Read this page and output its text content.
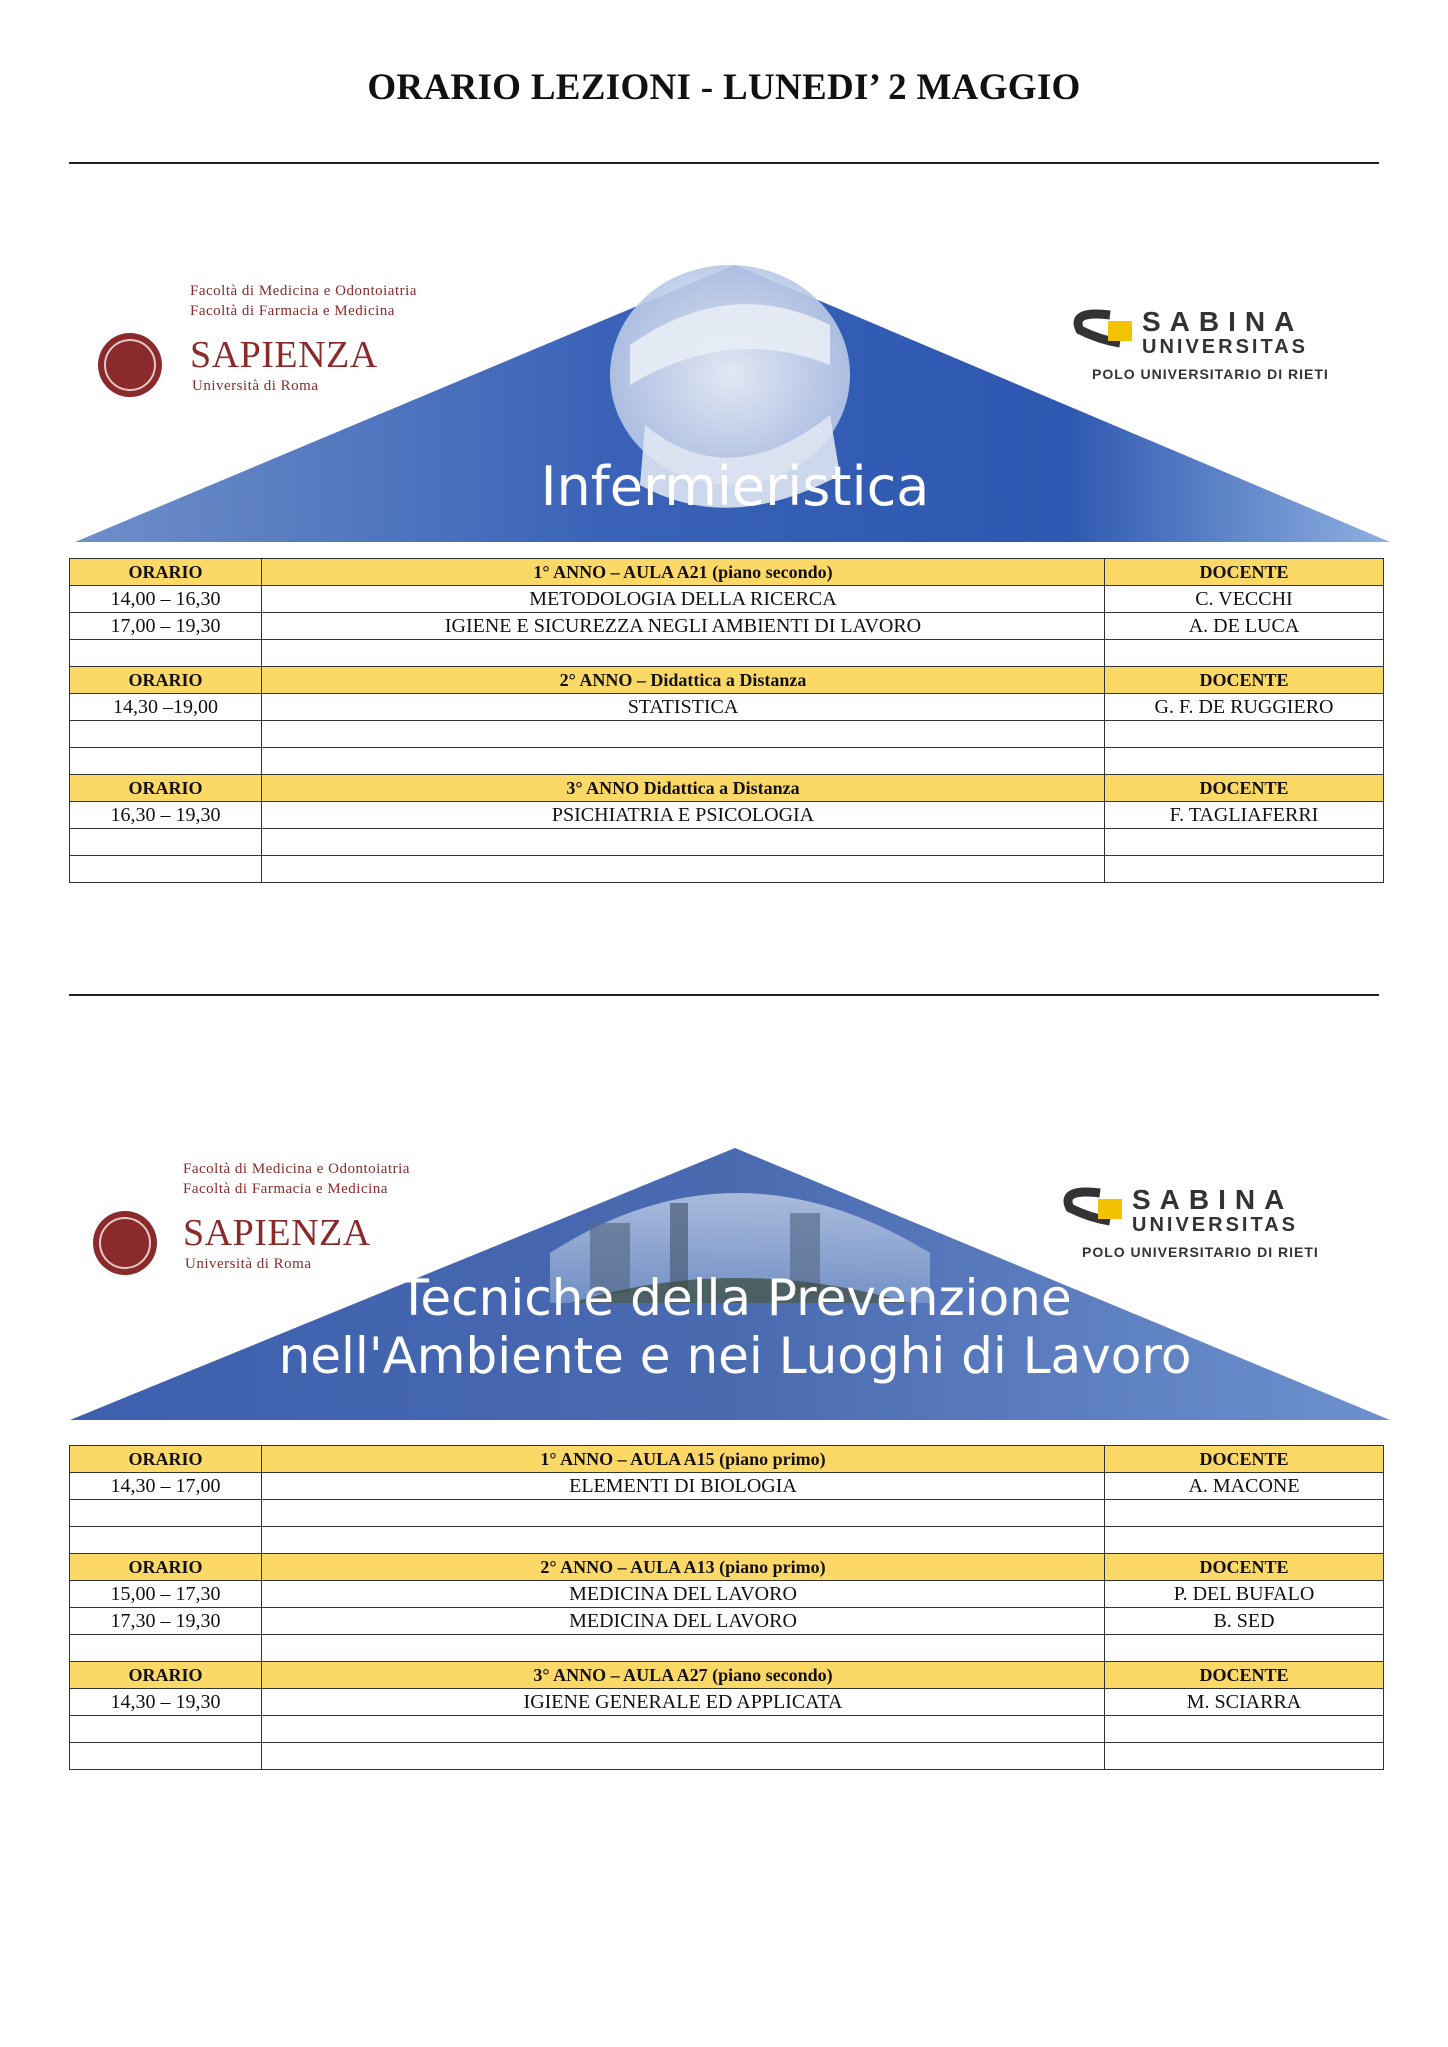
ORARIO LEZIONI - LUNEDI’ 2 MAGGIO
Infermieristica
Facoltà di Medicina e Odontoiatria
Facoltà di Farmacia e Medicina
SAPIENZA
Università di Roma
SABINA
UNIVERSITAS
POLO UNIVERSITARIO DI RIETI
ORARIO	1° ANNO – AULA A21 (piano secondo)	DOCENTE
14,00 – 16,30	METODOLOGIA DELLA RICERCA	C. VECCHI
17,00 – 19,30	IGIENE E SICUREZZA NEGLI AMBIENTI DI LAVORO	A. DE LUCA

ORARIO	2° ANNO – Didattica a Distanza	DOCENTE
14,30 –19,00	STATISTICA	G. F. DE RUGGIERO

ORARIO	3° ANNO Didattica a Distanza	DOCENTE
16,30 – 19,30	PSICHIATRIA E PSICOLOGIA	F. TAGLIAFERRI

Tecniche della Prevenzione
nell'Ambiente e nei Luoghi di Lavoro
Facoltà di Medicina e Odontoiatria
Facoltà di Farmacia e Medicina
SAPIENZA
Università di Roma
SABINA
UNIVERSITAS
POLO UNIVERSITARIO DI RIETI
ORARIO	1° ANNO – AULA A15 (piano primo)	DOCENTE
14,30 – 17,00	ELEMENTI DI BIOLOGIA	A. MACONE

ORARIO	2° ANNO – AULA A13 (piano primo)	DOCENTE
15,00 – 17,30	MEDICINA DEL LAVORO	P. DEL BUFALO
17,30 – 19,30	MEDICINA DEL LAVORO	B. SED

ORARIO	3° ANNO – AULA A27 (piano secondo)	DOCENTE
14,30 – 19,30	IGIENE GENERALE ED APPLICATA	M. SCIARRA
